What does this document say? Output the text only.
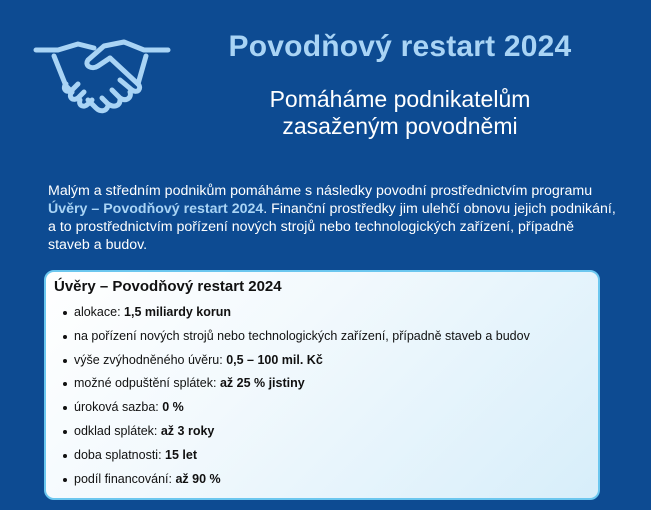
Povodňový restart 2024
Pomáháme podnikatelům
zasaženým povodněmi
Malým a středním podnikům pomáháme s následky povodní prostřednictvím programu Úvěry – Povodňový restart 2024. Finanční prostředky jim ulehčí obnovu jejich podnikání, a to prostřednictvím pořízení nových strojů nebo technologických zařízení, případně staveb a budov.
Úvěry – Povodňový restart 2024
alokace: 1,5 miliardy korun
na pořízení nových strojů nebo technologických zařízení, případně staveb a budov
výše zvýhodněného úvěru: 0,5 – 100 mil. Kč
možné odpuštění splátek: až 25 % jistiny
úroková sazba: 0 %
odklad splátek: až 3 roky
doba splatnosti: 15 let
podíl financování: až 90 %
